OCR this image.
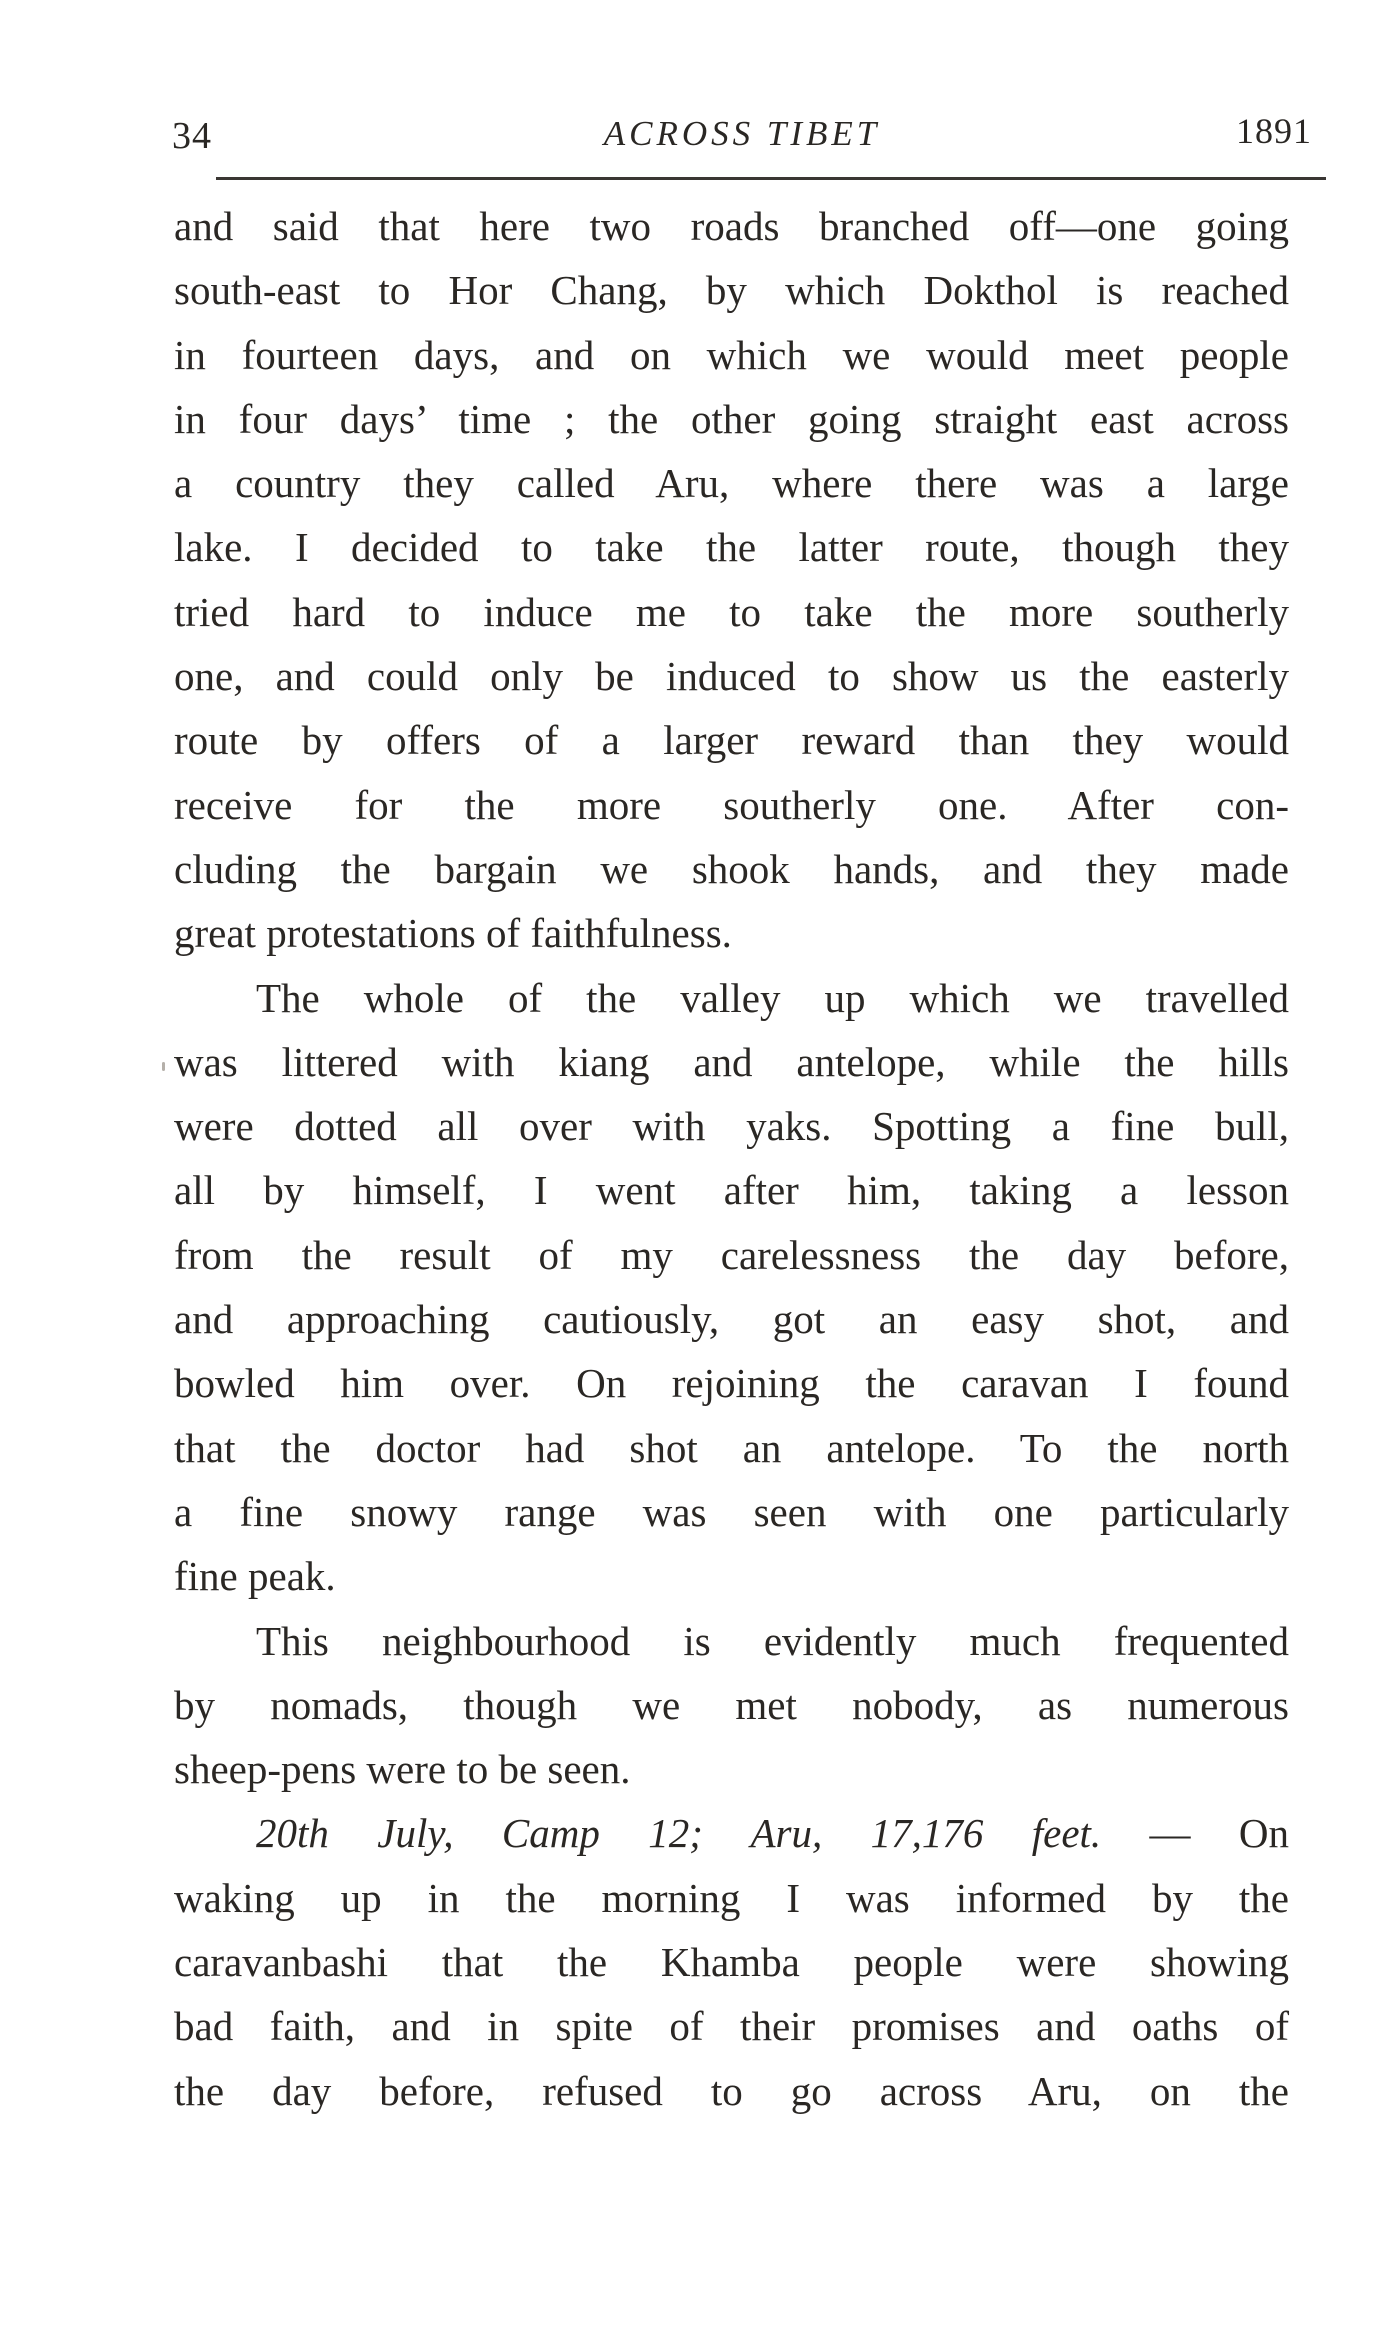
34	ACROSS TIBET	1891
and said that here two roads branched off—one going
south-east to Hor Chang, by which Dokthol is reached
in fourteen days, and on which we would meet people
in four days’ time ; the other going straight east across
a country they called Aru, where there was a large
lake. I decided to take the latter route, though they
tried hard to induce me to take the more southerly
one, and could only be induced to show us the easterly
route by offers of a larger reward than they would
receive for the more southerly one. After con-
cluding the bargain we shook hands, and they made
great protestations of faithfulness.
The whole of the valley up which we travelled
was littered with kiang and antelope, while the hills
were dotted all over with yaks. Spotting a fine bull,
all by himself, I went after him, taking a lesson
from the result of my carelessness the day before,
and approaching cautiously, got an easy shot, and
bowled him over. On rejoining the caravan I found
that the doctor had shot an antelope. To the north
a fine snowy range was seen with one particularly
fine peak.
This neighbourhood is evidently much frequented
by nomads, though we met nobody, as numerous
sheep-pens were to be seen.
20th July, Camp 12; Aru, 17,176 feet. — On
waking up in the morning I was informed by the
caravanbashi that the Khamba people were showing
bad faith, and in spite of their promises and oaths of
the day before, refused to go across Aru, on the
